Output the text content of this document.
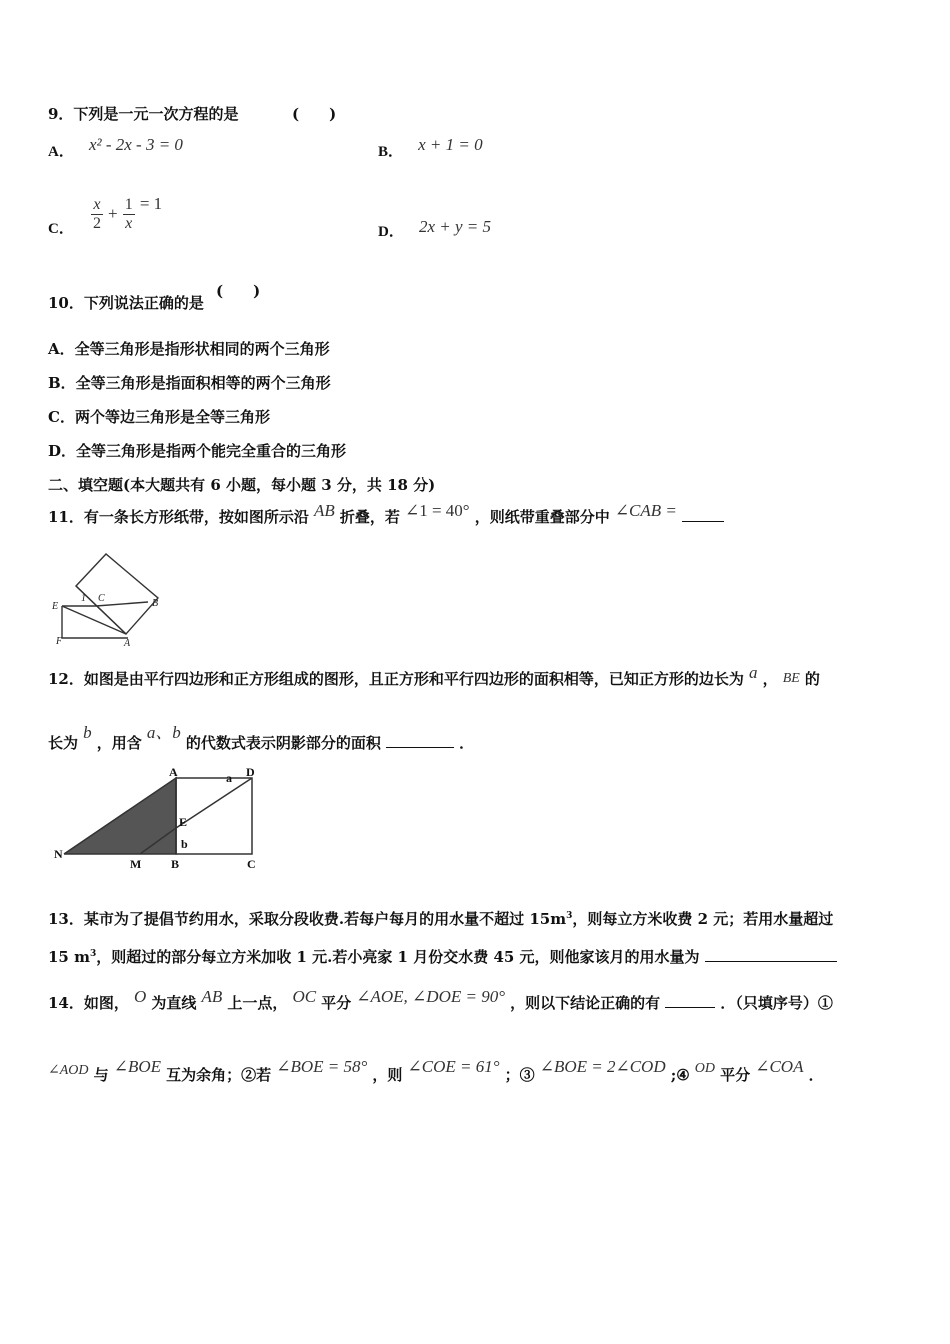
9．下列是一元一次方程的是	(　　)
A． x² - 2x - 3 = 0	B． x + 1 = 0
C． $\frac{x}{2} + \frac{1}{x} = 1$
D． 2x + y = 5
10．下列说法正确的是
(　　)
A．全等三角形是指形状相同的两个三角形
B．全等三角形是指面积相等的两个三角形
C．两个等边三角形是全等三角形
D．全等三角形是指两个能完全重合的三角形
二、填空题(本大题共有 6 小题，每小题 3 分，共 18 分)
11．有一条长方形纸带，按如图所示沿 AB 折叠，若 ∠1 = 40° ，则纸带重叠部分中 ∠CAB =
E
1 C	B
F	A
12．如图是由平行四边形和正方形组成的图形，且正方形和平行四边形的面积相等，已知正方形的边长为 a ， BE 的
长为 b ，用含 a、b 的代数式表示阴影部分的面积	．
A	a D
E
b
N
M B	C
13．某市为了提倡节约用水，采取分段收费.若每户每月的用水量不超过 $15m^3$，则每立方米收费 2 元；若用水量超过
15 $m^3$，则超过的部分每立方米加收 1 元.若小亮家 1 月份交水费 45 元，则他家该月的用水量为
14．如图， O 为直线 AB 上一点， OC 平分 ∠AOE, ∠DOE = 90° ，则以下结论正确的有	．（只填序号）①
∠AOD 与 ∠BOE 互为余角；②若 ∠BOE = 58° ，则 ∠COE = 61° ；③ ∠BOE = 2∠COD ;④ OD 平分 ∠COA ．
